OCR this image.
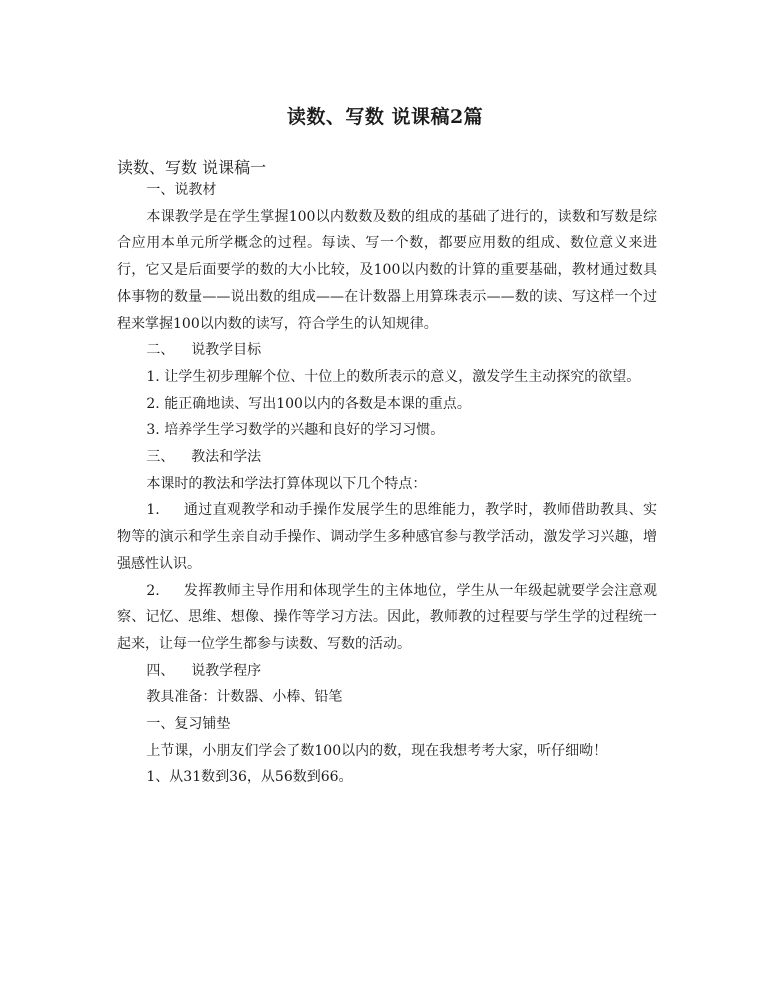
读数、写数 说课稿2篇
读数、写数 说课稿一

一、说教材

本课教学是在学生掌握100以内数数及数的组成的基础了进行的，读数和写数是综合应用本单元所学概念的过程。每读、写一个数，都要应用数的组成、数位意义来进行，它又是后面要学的数的大小比较，及100以内数的计算的重要基础，教材通过数具体事物的数量——说出数的组成——在计数器上用算珠表示——数的读、写这样一个过程来掌握100以内数的读写，符合学生的认知规律。

二、 说教学目标

1. 让学生初步理解个位、十位上的数所表示的意义，激发学生主动探究的欲望。

2. 能正确地读、写出100以内的各数是本课的重点。

3. 培养学生学习数学的兴趣和良好的学习习惯。

三、 教法和学法

本课时的教法和学法打算体现以下几个特点：

1. 通过直观教学和动手操作发展学生的思维能力，教学时，教师借助教具、实物等的演示和学生亲自动手操作、调动学生多种感官参与教学活动，激发学习兴趣，增强感性认识。

2. 发挥教师主导作用和体现学生的主体地位，学生从一年级起就要学会注意观察、记忆、思维、想像、操作等学习方法。因此，教师教的过程要与学生学的过程统一起来，让每一位学生都参与读数、写数的活动。

四、 说教学程序

教具准备：计数器、小棒、铅笔

一、复习铺垫

上节课，小朋友们学会了数100以内的数，现在我想考考大家，听仔细呦！

1、从31数到36，从56数到66。
